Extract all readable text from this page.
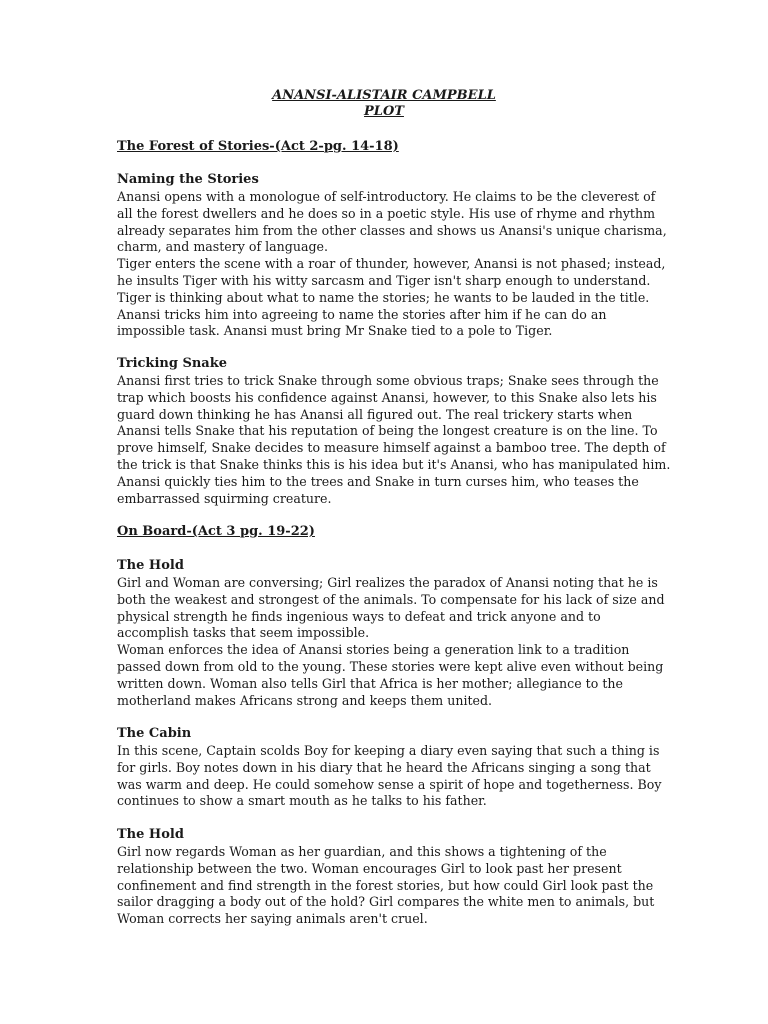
ANANSI-ALISTAIR CAMPBELL
PLOT
The Forest of Stories-(Act 2-pg. 14-18)
Naming the Stories
Anansi opens with a monologue of self-introductory. He claims to be the cleverest of
all the forest dwellers and he does so in a poetic style. His use of rhyme and rhythm
already separates him from the other classes and shows us Anansi's unique charisma,
charm, and mastery of language.
Tiger enters the scene with a roar of thunder, however, Anansi is not phased; instead,
he insults Tiger with his witty sarcasm and Tiger isn't sharp enough to understand.
Tiger is thinking about what to name the stories; he wants to be lauded in the title.
Anansi tricks him into agreeing to name the stories after him if he can do an
impossible task. Anansi must bring Mr Snake tied to a pole to Tiger.
Tricking Snake
Anansi first tries to trick Snake through some obvious traps; Snake sees through the
trap which boosts his confidence against Anansi, however, to this Snake also lets his
guard down thinking he has Anansi all figured out. The real trickery starts when
Anansi tells Snake that his reputation of being the longest creature is on the line. To
prove himself, Snake decides to measure himself against a bamboo tree. The depth of
the trick is that Snake thinks this is his idea but it's Anansi, who has manipulated him.
Anansi quickly ties him to the trees and Snake in turn curses him, who teases the
embarrassed squirming creature.
On Board-(Act 3 pg. 19-22)
The Hold
Girl and Woman are conversing; Girl realizes the paradox of Anansi noting that he is
both the weakest and strongest of the animals. To compensate for his lack of size and
physical strength he finds ingenious ways to defeat and trick anyone and to
accomplish tasks that seem impossible.
Woman enforces the idea of Anansi stories being a generation link to a tradition
passed down from old to the young. These stories were kept alive even without being
written down. Woman also tells Girl that Africa is her mother; allegiance to the
motherland makes Africans strong and keeps them united.
The Cabin
In this scene, Captain scolds Boy for keeping a diary even saying that such a thing is
for girls. Boy notes down in his diary that he heard the Africans singing a song that
was warm and deep. He could somehow sense a spirit of hope and togetherness. Boy
continues to show a smart mouth as he talks to his father.
The Hold
Girl now regards Woman as her guardian, and this shows a tightening of the
relationship between the two. Woman encourages Girl to look past her present
confinement and find strength in the forest stories, but how could Girl look past the
sailor dragging a body out of the hold? Girl compares the white men to animals, but
Woman corrects her saying animals aren't cruel.
